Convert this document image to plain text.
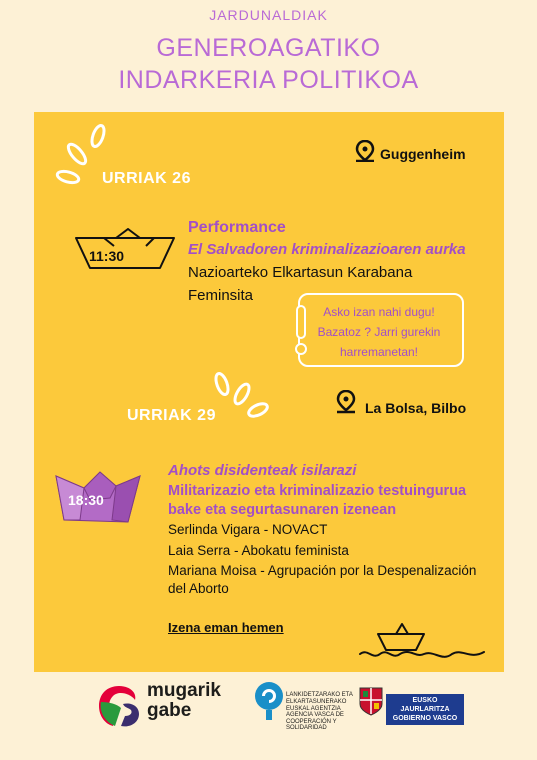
JARDUNALDIAK
GENEROAGATIKO
INDARKERIA POLITIKOA
URRIAK 26
Guggenheim
11:30
Performance
El Salvadoren kriminalizazioaren aurka
Nazioarteko Elkartasun Karabana
Feminsita
Asko izan nahi dugu!
Bazatoz ? Jarri gurekin
harremanetan!
URRIAK 29	La Bolsa, Bilbo
18:30
Ahots disidenteak isilarazi
Militarizazio eta kriminalizazio testuingurua
bake eta segurtasunaren izenean
Serlinda Vigara - NOVACT
Laia Serra - Abokatu feminista
Mariana Moisa - Agrupación por la Despenalización
del Aborto
Izena eman hemen
mugarik
gabe
LANKIDETZARAKO ETA
ELKARTASUNERAKO
EUSKAL AGENTZIA
AGENCIA VASCA DE
COOPERACIÓN Y
SOLIDARIDAD
EUSKO JAURLARITZA
GOBIERNO VASCO
